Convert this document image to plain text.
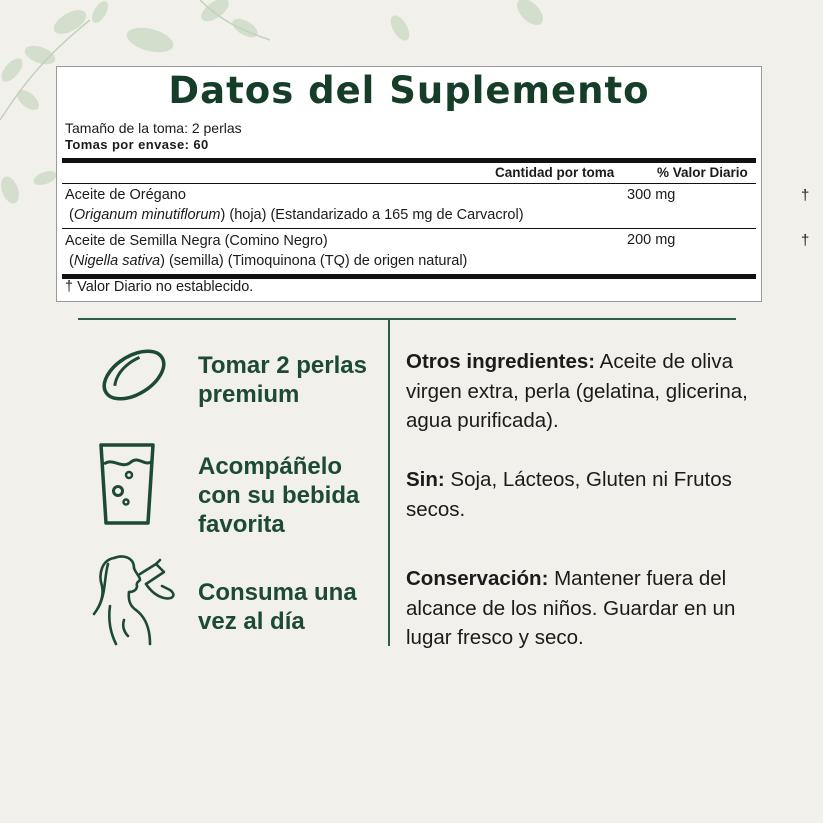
Datos del Suplemento
Tamaño de la toma: 2 perlas
Tomas por envase: 60
Cantidad por toma	% Valor Diario
Aceite de Orégano
(Origanum minutiflorum) (hoja) (Estandarizado a 165 mg de Carvacrol)
300 mg	†
Aceite de Semilla Negra (Comino Negro)
(Nigella sativa) (semilla) (Timoquinona (TQ) de origen natural)
200 mg	†
† Valor Diario no establecido.
Tomar 2 perlas
premium
Acompáñelo
con su bebida
favorita
Consuma una
vez al día
Otros ingredientes: Aceite de oliva virgen extra, perla (gelatina, glicerina, agua purificada).
Sin: Soja, Lácteos, Gluten ni Frutos secos.
Conservación: Mantener fuera del alcance de los niños. Guardar en un lugar fresco y seco.
